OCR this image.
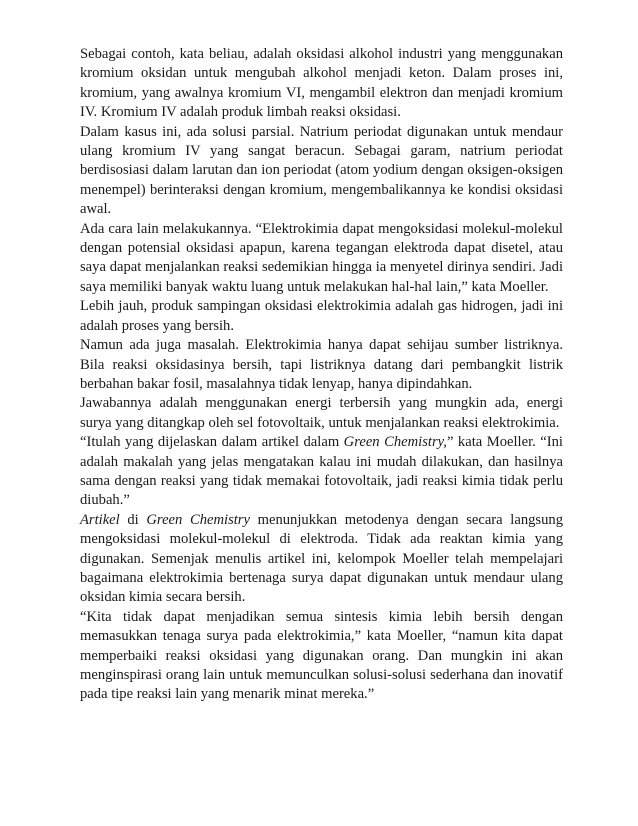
Sebagai contoh, kata beliau, adalah oksidasi alkohol industri yang menggunakan kromium oksidan untuk mengubah alkohol menjadi keton. Dalam proses ini, kromium, yang awalnya kromium VI, mengambil elektron dan menjadi kromium IV. Kromium IV adalah produk limbah reaksi oksidasi.

Dalam kasus ini, ada solusi parsial. Natrium periodat digunakan untuk mendaur ulang kromium IV yang sangat beracun. Sebagai garam, natrium periodat berdisosiasi dalam larutan dan ion periodat (atom yodium dengan oksigen-oksigen menempel) berinteraksi dengan kromium, mengembalikannya ke kondisi oksidasi awal.

Ada cara lain melakukannya. “Elektrokimia dapat mengoksidasi molekul-molekul dengan potensial oksidasi apapun, karena tegangan elektroda dapat disetel, atau saya dapat menjalankan reaksi sedemikian hingga ia menyetel dirinya sendiri. Jadi saya memiliki banyak waktu luang untuk melakukan hal-hal lain,” kata Moeller.

Lebih jauh, produk sampingan oksidasi elektrokimia adalah gas hidrogen, jadi ini adalah proses yang bersih.

Namun ada juga masalah. Elektrokimia hanya dapat sehijau sumber listriknya. Bila reaksi oksidasinya bersih, tapi listriknya datang dari pembangkit listrik berbahan bakar fosil, masalahnya tidak lenyap, hanya dipindahkan.

Jawabannya adalah menggunakan energi terbersih yang mungkin ada, energi surya yang ditangkap oleh sel fotovoltaik, untuk menjalankan reaksi elektrokimia.

“Itulah yang dijelaskan dalam artikel dalam Green Chemistry,” kata Moeller. “Ini adalah makalah yang jelas mengatakan kalau ini mudah dilakukan, dan hasilnya sama dengan reaksi yang tidak memakai fotovoltaik, jadi reaksi kimia tidak perlu diubah.”

Artikel di Green Chemistry menunjukkan metodenya dengan secara langsung mengoksidasi molekul-molekul di elektroda. Tidak ada reaktan kimia yang digunakan. Semenjak menulis artikel ini, kelompok Moeller telah mempelajari bagaimana elektrokimia bertenaga surya dapat digunakan untuk mendaur ulang oksidan kimia secara bersih.

“Kita tidak dapat menjadikan semua sintesis kimia lebih bersih dengan memasukkan tenaga surya pada elektrokimia,” kata Moeller, “namun kita dapat memperbaiki reaksi oksidasi yang digunakan orang. Dan mungkin ini akan menginspirasi orang lain untuk memunculkan solusi-solusi sederhana dan inovatif pada tipe reaksi lain yang menarik minat mereka.”
